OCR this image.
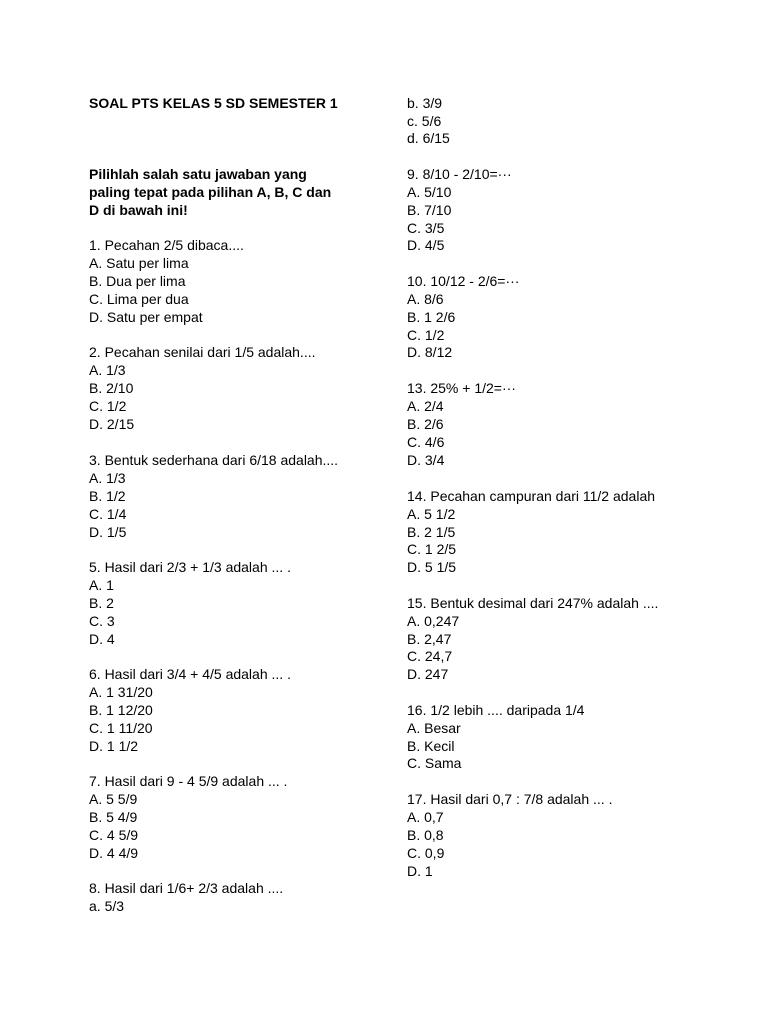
SOAL PTS KELAS 5 SD SEMESTER 1
Pilihlah salah satu jawaban yang
paling tepat pada pilihan A, B, C dan
D di bawah ini!
1. Pecahan 2/5 dibaca....
A. Satu per lima
B. Dua per lima
C. Lima per dua
D. Satu per empat
2. Pecahan senilai dari 1/5 adalah....
A. 1/3
B. 2/10
C. 1/2
D. 2/15
3. Bentuk sederhana dari 6/18 adalah....
A. 1/3
B. 1/2
C. 1/4
D. 1/5
5. Hasil dari 2/3 + 1/3 adalah ... .
A. 1
B. 2
C. 3
D. 4
6. Hasil dari 3/4 + 4/5 adalah ... .
A. 1 31/20
B. 1 12/20
C. 1 11/20
D. 1 1/2
7. Hasil dari 9 - 4 5/9 adalah ... .
A. 5 5/9
B. 5 4/9
C. 4 5/9
D. 4 4/9
8. Hasil dari 1/6+ 2/3 adalah ....
a. 5/3
b. 3/9
c. 5/6
d. 6/15
9. 8/10 - 2/10=···
A. 5/10
B. 7/10
C. 3/5
D. 4/5
10. 10/12 - 2/6=···
A. 8/6
B. 1 2/6
C. 1/2
D. 8/12
13. 25% + 1/2=···
A. 2/4
B. 2/6
C. 4/6
D. 3/4
14. Pecahan campuran dari 11/2 adalah
A. 5 1/2
B. 2 1/5
C. 1 2/5
D. 5 1/5
15. Bentuk desimal dari 247% adalah ....
A. 0,247
B. 2,47
C. 24,7
D. 247
16. 1/2 lebih .... daripada 1/4
A. Besar
B. Kecil
C. Sama
17. Hasil dari 0,7 : 7/8 adalah ... .
A. 0,7
B. 0,8
C. 0,9
D. 1
